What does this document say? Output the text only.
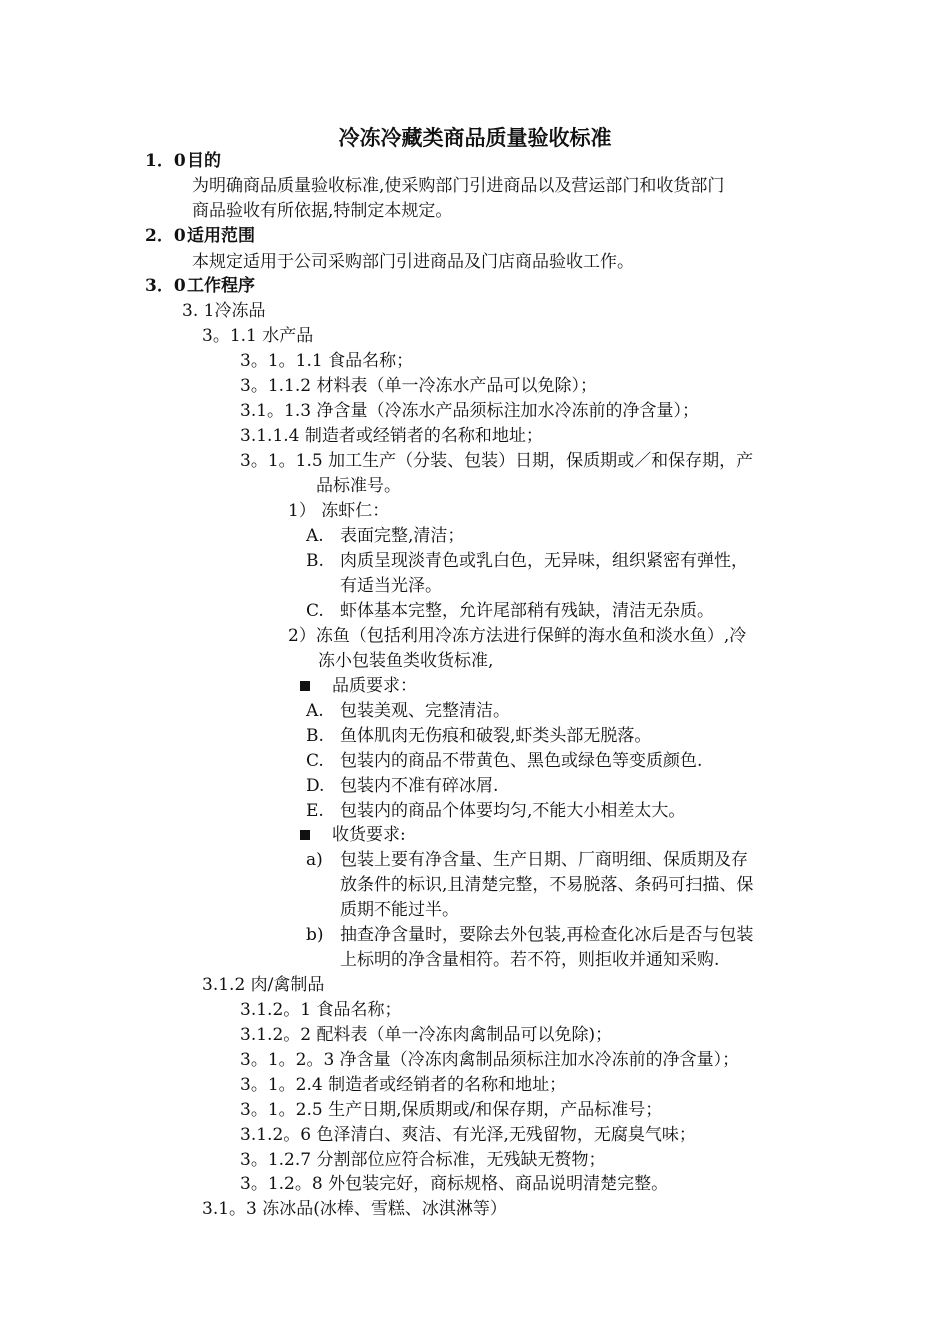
冷冻冷藏类商品质量验收标准
1．0 目的
为明确商品质量验收标准,使采购部门引进商品以及营运部门和收货部门
商品验收有所依据,特制定本规定。
2．0 适用范围
本规定适用于公司采购部门引进商品及门店商品验收工作。
3．0 工作程序
3. 1冷冻品
3。1.1 水产品
3。1。1.1 食品名称；
3。1.1.2 材料表（单一冷冻水产品可以免除）；
3.1。1.3 净含量（冷冻水产品须标注加水冷冻前的净含量）；
3.1.1.4 制造者或经销者的名称和地址；
3。1。1.5 加工生产（分装、包装）日期，保质期或／和保存期，产
品标准号。
1） 冻虾仁：
A. 表面完整,清洁；
B. 肉质呈现淡青色或乳白色，无异味，组织紧密有弹性，
有适当光泽。
C. 虾体基本完整，允许尾部稍有残缺，清洁无杂质。
2）冻鱼（包括利用冷冻方法进行保鲜的海水鱼和淡水鱼）,冷
冻小包装鱼类收货标准,
品质要求：
A. 包装美观、完整清洁。
B. 鱼体肌肉无伤痕和破裂,虾类头部无脱落。
C. 包装内的商品不带黄色、黑色或绿色等变质颜色.
D. 包装内不准有碎冰屑.
E. 包装内的商品个体要均匀,不能大小相差太大。
收货要求:
a) 包装上要有净含量、生产日期、厂商明细、保质期及存
放条件的标识,且清楚完整，不易脱落、条码可扫描、保
质期不能过半。
b) 抽查净含量时，要除去外包装,再检查化冰后是否与包装
上标明的净含量相符。若不符，则拒收并通知采购.
3.1.2 肉/禽制品
3.1.2。1 食品名称；
3.1.2。2 配料表（单一冷冻肉禽制品可以免除)；
3。1。2。3 净含量（冷冻肉禽制品须标注加水冷冻前的净含量）；
3。1。2.4 制造者或经销者的名称和地址；
3。1。2.5 生产日期,保质期或/和保存期，产品标准号；
3.1.2。6 色泽清白、爽洁、有光泽,无残留物，无腐臭气味；
3。1.2.7 分割部位应符合标准，无残缺无赘物；
3。1.2。8 外包装完好，商标规格、商品说明清楚完整。
3.1。3 冻冰品(冰棒、雪糕、冰淇淋等）
